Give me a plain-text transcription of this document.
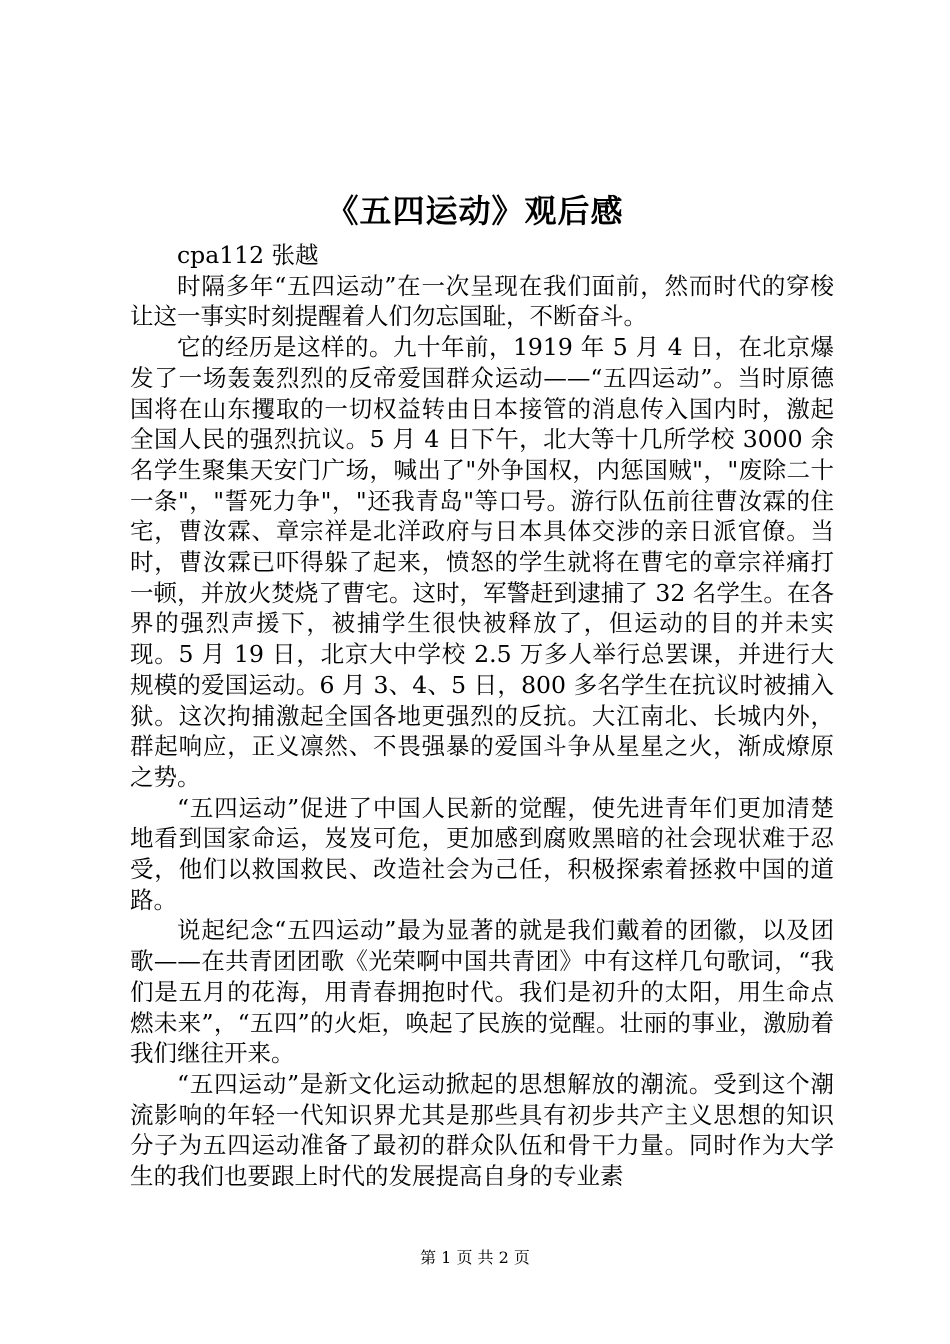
《五四运动》观后感

cpa112 张越

时隔多年“五四运动”在一次呈现在我们面前，然而时代的穿梭让这一事实时刻提醒着人们勿忘国耻，不断奋斗。

它的经历是这样的。九十年前，1919 年 5 月 4 日，在北京爆发了一场轰轰烈烈的反帝爱国群众运动——“五四运动”。当时原德国将在山东攫取的一切权益转由日本接管的消息传入国内时，激起全国人民的强烈抗议。5 月 4 日下午，北大等十几所学校 3000 余名学生聚集天安门广场，喊出了"外争国权，内惩国贼"，"废除二十一条"，"誓死力争"，"还我青岛"等口号。游行队伍前往曹汝霖的住宅，曹汝霖、章宗祥是北洋政府与日本具体交涉的亲日派官僚。当时，曹汝霖已吓得躲了起来，愤怒的学生就将在曹宅的章宗祥痛打一顿，并放火焚烧了曹宅。这时，军警赶到逮捕了 32 名学生。在各界的强烈声援下，被捕学生很快被释放了，但运动的目的并未实现。5 月 19 日，北京大中学校 2.5 万多人举行总罢课，并进行大规模的爱国运动。6 月 3、4、5 日，800 多名学生在抗议时被捕入狱。这次拘捕激起全国各地更强烈的反抗。大江南北、长城内外，群起响应，正义凛然、不畏强暴的爱国斗争从星星之火，渐成燎原之势。

“五四运动”促进了中国人民新的觉醒，使先进青年们更加清楚地看到国家命运，岌岌可危，更加感到腐败黑暗的社会现状难于忍受，他们以救国救民、改造社会为己任，积极探索着拯救中国的道路。

说起纪念“五四运动”最为显著的就是我们戴着的团徽，以及团歌——在共青团团歌《光荣啊中国共青团》中有这样几句歌词，“我们是五月的花海，用青春拥抱时代。我们是初升的太阳，用生命点燃未来”，“五四”的火炬，唤起了民族的觉醒。壮丽的事业，激励着我们继往开来。

“五四运动”是新文化运动掀起的思想解放的潮流。受到这个潮流影响的年轻一代知识界尤其是那些具有初步共产主义思想的知识分子为五四运动准备了最初的群众队伍和骨干力量。同时作为大学生的我们也要跟上时代的发展提高自身的专业素

第 1 页 共 2 页
